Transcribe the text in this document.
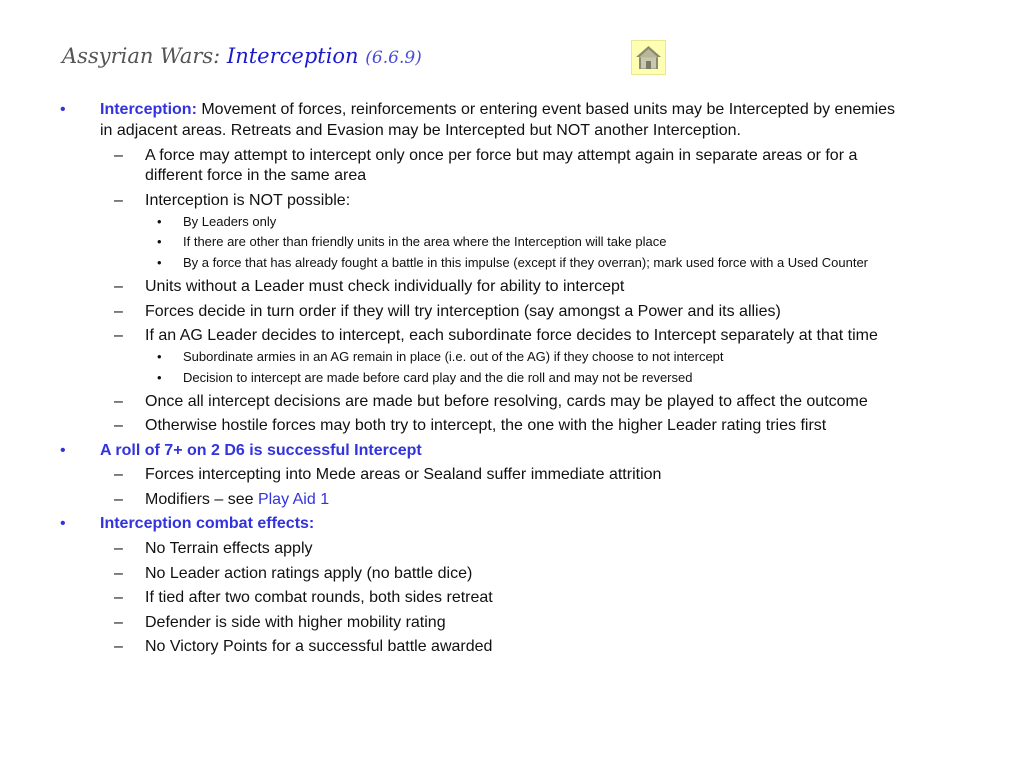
Assyrian Wars: Interception (6.6.9)
• Interception: Movement of forces, reinforcements or entering event based units may be Intercepted by enemies
in adjacent areas. Retreats and Evasion may be Intercepted but NOT another Interception.
– A force may attempt to intercept only once per force but may attempt again in separate areas or for a
different force in the same area
– Interception is NOT possible:
• By Leaders only
• If there are other than friendly units in the area where the Interception will take place
• By a force that has already fought a battle in this impulse (except if they overran); mark used force with a Used Counter
– Units without a Leader must check individually for ability to intercept
– Forces decide in turn order if they will try interception (say amongst a Power and its allies)
– If an AG Leader decides to intercept, each subordinate force decides to Intercept separately at that time
• Subordinate armies in an AG remain in place (i.e. out of the AG) if they choose to not intercept
• Decision to intercept are made before card play and the die roll and may not be reversed
– Once all intercept decisions are made but before resolving, cards may be played to affect the outcome
– Otherwise hostile forces may both try to intercept, the one with the higher Leader rating tries first
• A roll of 7+ on 2 D6 is successful Intercept
– Forces intercepting into Mede areas or Sealand suffer immediate attrition
– Modifiers – see Play Aid 1
• Interception combat effects:
– No Terrain effects apply
– No Leader action ratings apply (no battle dice)
– If tied after two combat rounds, both sides retreat
– Defender is side with higher mobility rating
– No Victory Points for a successful battle awarded
